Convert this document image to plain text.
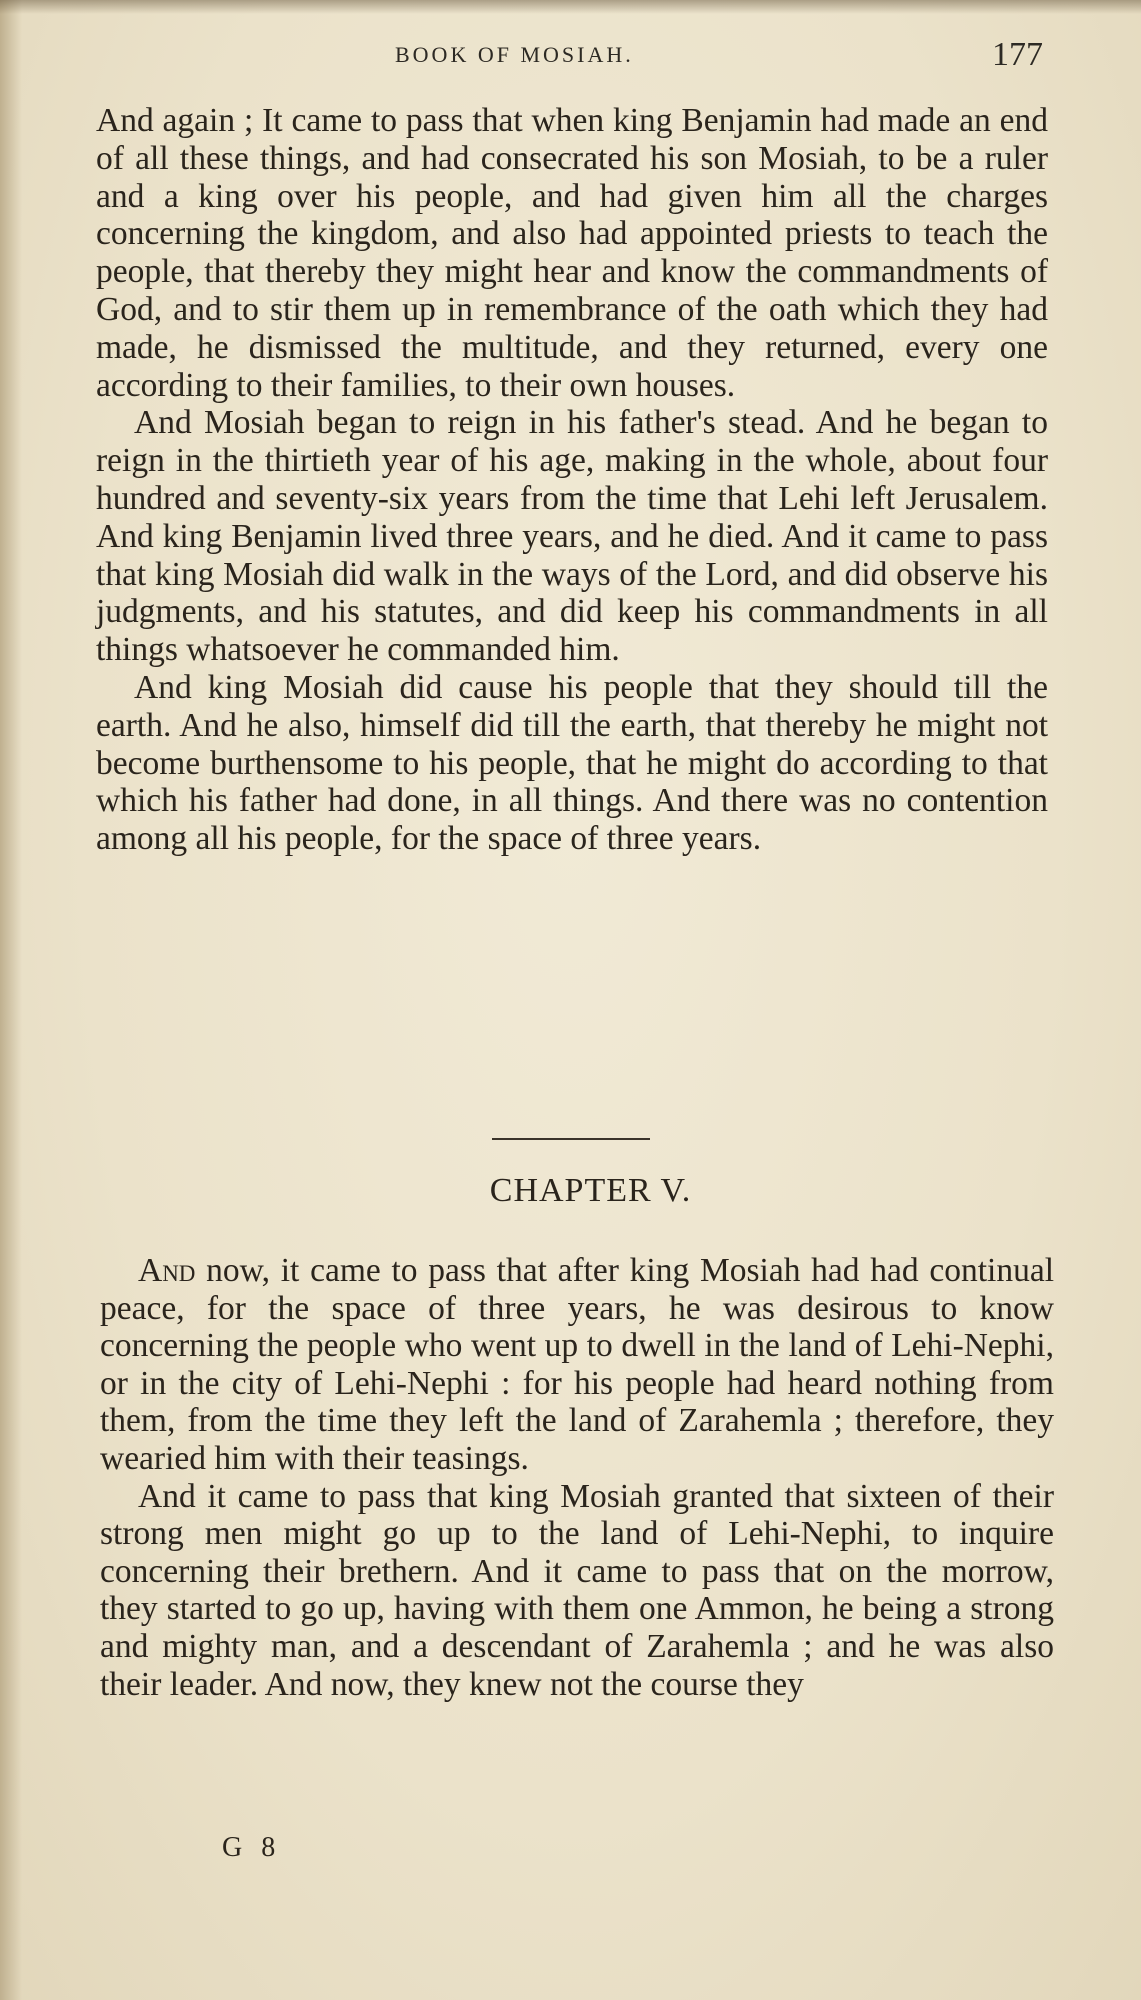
BOOK OF MOSIAH.	177

And again ; It came to pass that when king Benjamin had made an end of all these things, and had consecrated his son Mosiah, to be a ruler and a king over his people, and had given him all the charges concerning the kingdom, and also had appointed priests to teach the people, that thereby they might hear and know the commandments of God, and to stir them up in remembrance of the oath which they had made, he dismissed the multitude, and they returned, every one according to their families, to their own houses.

And Mosiah began to reign in his father's stead. And he began to reign in the thirtieth year of his age, making in the whole, about four hundred and seventy-six years from the time that Lehi left Jerusalem. And king Benjamin lived three years, and he died. And it came to pass that king Mosiah did walk in the ways of the Lord, and did observe his judgments, and his statutes, and did keep his commandments in all things whatsoever he commanded him.

And king Mosiah did cause his people that they should till the earth. And he also, himself did till the earth, that thereby he might not become burthensome to his people, that he might do according to that which his father had done, in all things. And there was no contention among all his people, for the space of three years.

CHAPTER V.

And now, it came to pass that after king Mosiah had had continual peace, for the space of three years, he was desirous to know concerning the people who went up to dwell in the land of Lehi-Nephi, or in the city of Lehi-Nephi : for his people had heard nothing from them, from the time they left the land of Zarahemla ; therefore, they wearied him with their teasings.

And it came to pass that king Mosiah granted that sixteen of their strong men might go up to the land of Lehi-Nephi, to inquire concerning their brethern. And it came to pass that on the morrow, they started to go up, having with them one Ammon, he being a strong and mighty man, and a descendant of Zarahemla ; and he was also their leader. And now, they knew not the course they

G 8
